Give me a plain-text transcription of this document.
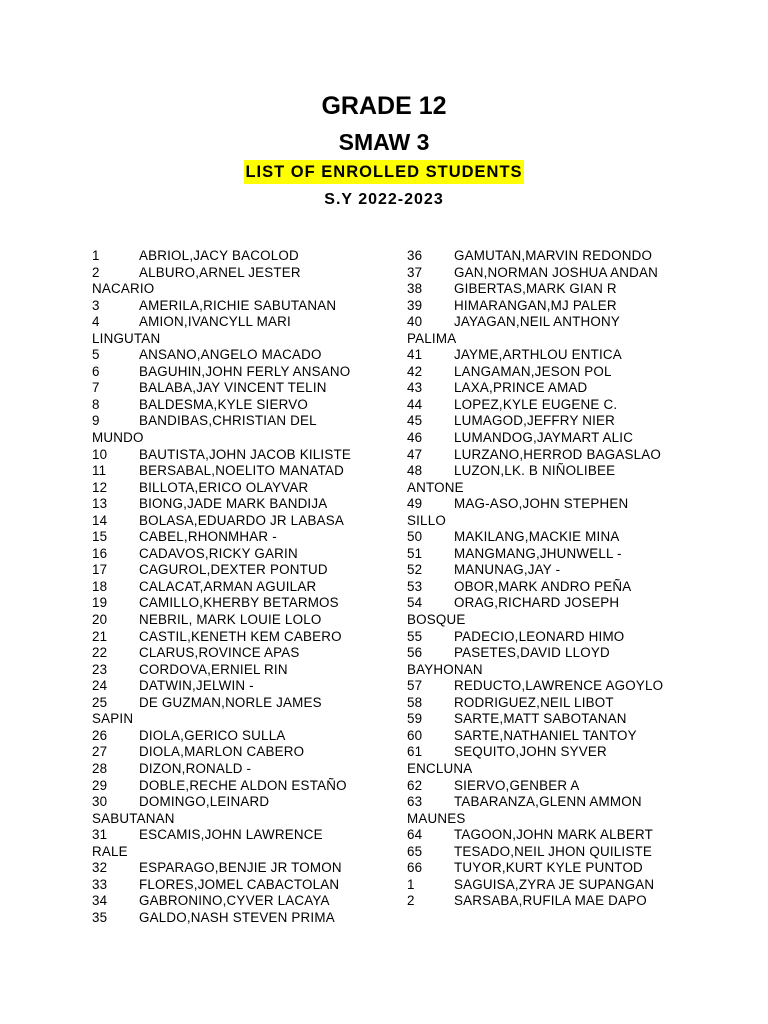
GRADE 12
SMAW 3
LIST OF ENROLLED STUDENTS
S.Y 2022-2023
1	ABRIOL,JACY BACOLOD
2	ALBURO,ARNEL JESTER
NACARIO
3	AMERILA,RICHIE SABUTANAN
4	AMION,IVANCYLL MARI
LINGUTAN
5	ANSANO,ANGELO MACADO
6	BAGUHIN,JOHN FERLY ANSANO
7	BALABA,JAY VINCENT TELIN
8	BALDESMA,KYLE SIERVO
9	BANDIBAS,CHRISTIAN DEL
MUNDO
10 BAUTISTA,JOHN JACOB KILISTE
11 BERSABAL,NOELITO MANATAD
12 BILLOTA,ERICO OLAYVAR
13 BIONG,JADE MARK BANDIJA
14 BOLASA,EDUARDO JR LABASA
15 CABEL,RHONMHAR -
16 CADAVOS,RICKY GARIN
17 CAGUROL,DEXTER PONTUD
18 CALACAT,ARMAN AGUILAR
19 CAMILLO,KHERBY BETARMOS
20 NEBRIL, MARK LOUIE LOLO
21 CASTIL,KENETH KEM CABERO
22 CLARUS,ROVINCE APAS
23 CORDOVA,ERNIEL RIN
24 DATWIN,JELWIN -
25 DE GUZMAN,NORLE JAMES
SAPIN
26 DIOLA,GERICO SULLA
27 DIOLA,MARLON CABERO
28 DIZON,RONALD -
29 DOBLE,RECHE ALDON ESTAÑO
30 DOMINGO,LEINARD
SABUTANAN
31 ESCAMIS,JOHN LAWRENCE
RALE
32 ESPARAGO,BENJIE JR TOMON
33 FLORES,JOMEL CABACTOLAN
34 GABRONINO,CYVER LACAYA
35 GALDO,NASH STEVEN PRIMA
36 GAMUTAN,MARVIN REDONDO
37 GAN,NORMAN JOSHUA ANDAN
38 GIBERTAS,MARK GIAN R
39 HIMARANGAN,MJ PALER
40 JAYAGAN,NEIL ANTHONY
PALIMA
41 JAYME,ARTHLOU ENTICA
42 LANGAMAN,JESON POL
43 LAXA,PRINCE AMAD
44 LOPEZ,KYLE EUGENE C.
45 LUMAGOD,JEFFRY NIER
46 LUMANDOG,JAYMART ALIC
47 LURZANO,HERROD BAGASLAO
48 LUZON,LK. B NIÑOLIBEE
ANTONE
49 MAG-ASO,JOHN STEPHEN
SILLO
50 MAKILANG,MACKIE MINA
51 MANGMANG,JHUNWELL -
52 MANUNAG,JAY -
53 OBOR,MARK ANDRO PEÑA
54 ORAG,RICHARD JOSEPH
BOSQUE
55 PADECIO,LEONARD HIMO
56 PASETES,DAVID LLOYD
BAYHONAN
57 REDUCTO,LAWRENCE AGOYLO
58 RODRIGUEZ,NEIL LIBOT
59 SARTE,MATT SABOTANAN
60 SARTE,NATHANIEL TANTOY
61 SEQUITO,JOHN SYVER
ENCLUNA
62 SIERVO,GENBER A
63 TABARANZA,GLENN AMMON
MAUNES
64 TAGOON,JOHN MARK ALBERT
65 TESADO,NEIL JHON QUILISTE
66 TUYOR,KURT KYLE PUNTOD
1	SAGUISA,ZYRA JE SUPANGAN
2	SARSABA,RUFILA MAE DAPO
